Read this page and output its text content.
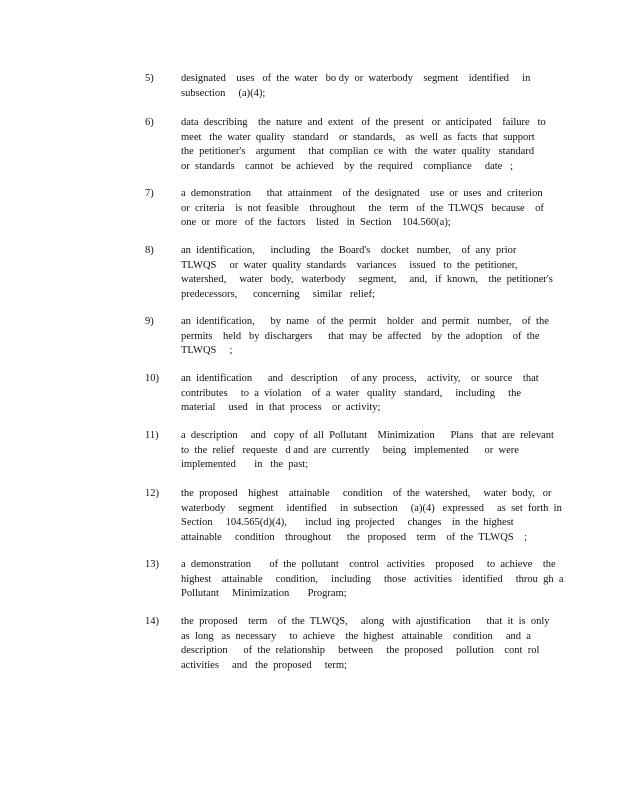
5)	designated    uses   of  the  water   bo dy  or  waterbody    segment    identified     in
subsection     (a)(4);
6)	data  describing    the  nature  and  extent   of  the  present   or  anticipated    failure   to
meet   the  water  quality   standard    or  standards,    as  well  as  facts  that  support
the  petitioner's    argument     that  complian  ce  with   the  water  quality   standard
or  standards    cannot   be  achieved    by  the  required    compliance     date   ;
7)	a  demonstration      that  attainment    of  the  designated    use  or  uses  and  criterion
or  criteria    is  not  feasible    throughout     the   term   of  the  TLWQS   because    of
one  or  more   of  the  factors    listed   in  Section    104.560(a);
8)	an  identification,      including    the  Board's    docket   number,    of  any  prior
TLWQS     or  water  quality  standards    variances     issued   to  the  petitioner,
watershed,     water   body,   waterbody     segment,     and,   if  known,    the  petitioner's
predecessors,      concerning     similar   relief;
9)	an  identification,      by  name   of  the  permit    holder   and  permit   number,    of  the
permits    held   by  dischargers      that  may  be  affected    by  the  adoption    of  the
TLWQS     ;
10)	an  identification      and   description     of any  process,    activity,    or  source    that
contributes     to  a  violation    of  a  water   quality   standard,     including     the
material     used   in  that  process    or  activity;
11)	a  description     and   copy  of  all  Pollutant    Minimization      Plans   that  are  relevant
to  the  relief   requeste   d and  are  currently     being   implemented      or  were
implemented       in   the  past;
12)	the  proposed    highest    attainable     condition    of  the  watershed,     water  body,   or
waterbody     segment     identified     in  subsection     (a)(4)   expressed     as  set  forth  in
Section     104.565(d)(4),       includ  ing  projected     changes    in  the  highest
attainable     condition    throughout      the   proposed    term    of  the  TLWQS    ;
13)	a  demonstration       of  the  pollutant    control   activities    proposed     to  achieve    the
highest    attainable     condition,     including     those   activities    identified     throu  gh  a
Pollutant     Minimization       Program;
14)	the  proposed    term    of  the  TLWQS,     along   with  ajustification      that  it  is  only
as  long   as  necessary     to  achieve    the  highest   attainable    condition     and  a
description      of  the  relationship     between     the  proposed     pollution    cont  rol
activities     and   the  proposed     term;
